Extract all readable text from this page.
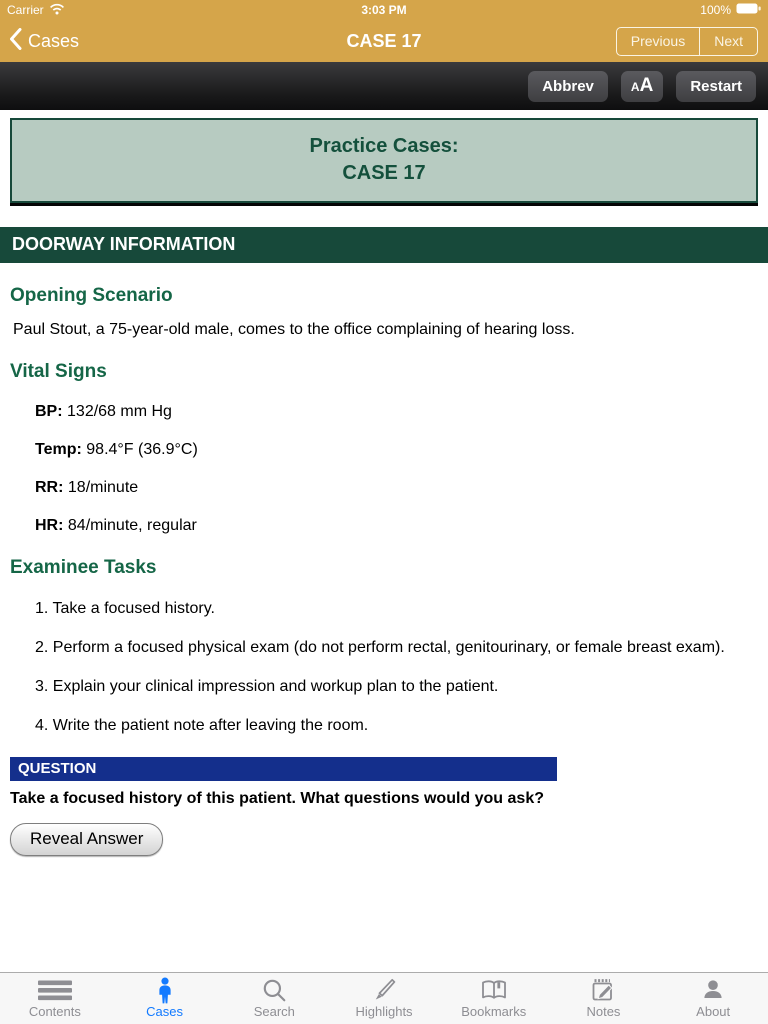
Carrier	3:03 PM	100%
Cases	CASE 17	Previous	Next
Abbrev	AA	Restart
Practice Cases:
CASE 17
DOORWAY INFORMATION
Opening Scenario
Paul Stout, a 75-year-old male, comes to the office complaining of hearing loss.
Vital Signs
BP: 132/68 mm Hg
Temp: 98.4°F (36.9°C)
RR: 18/minute
HR: 84/minute, regular
Examinee Tasks
1. Take a focused history.
2. Perform a focused physical exam (do not perform rectal, genitourinary, or female breast exam).
3. Explain your clinical impression and workup plan to the patient.
4. Write the patient note after leaving the room.
QUESTION
Take a focused history of this patient. What questions would you ask?
Reveal Answer
Contents	Cases	Search	Highlights	Bookmarks	Notes	About
